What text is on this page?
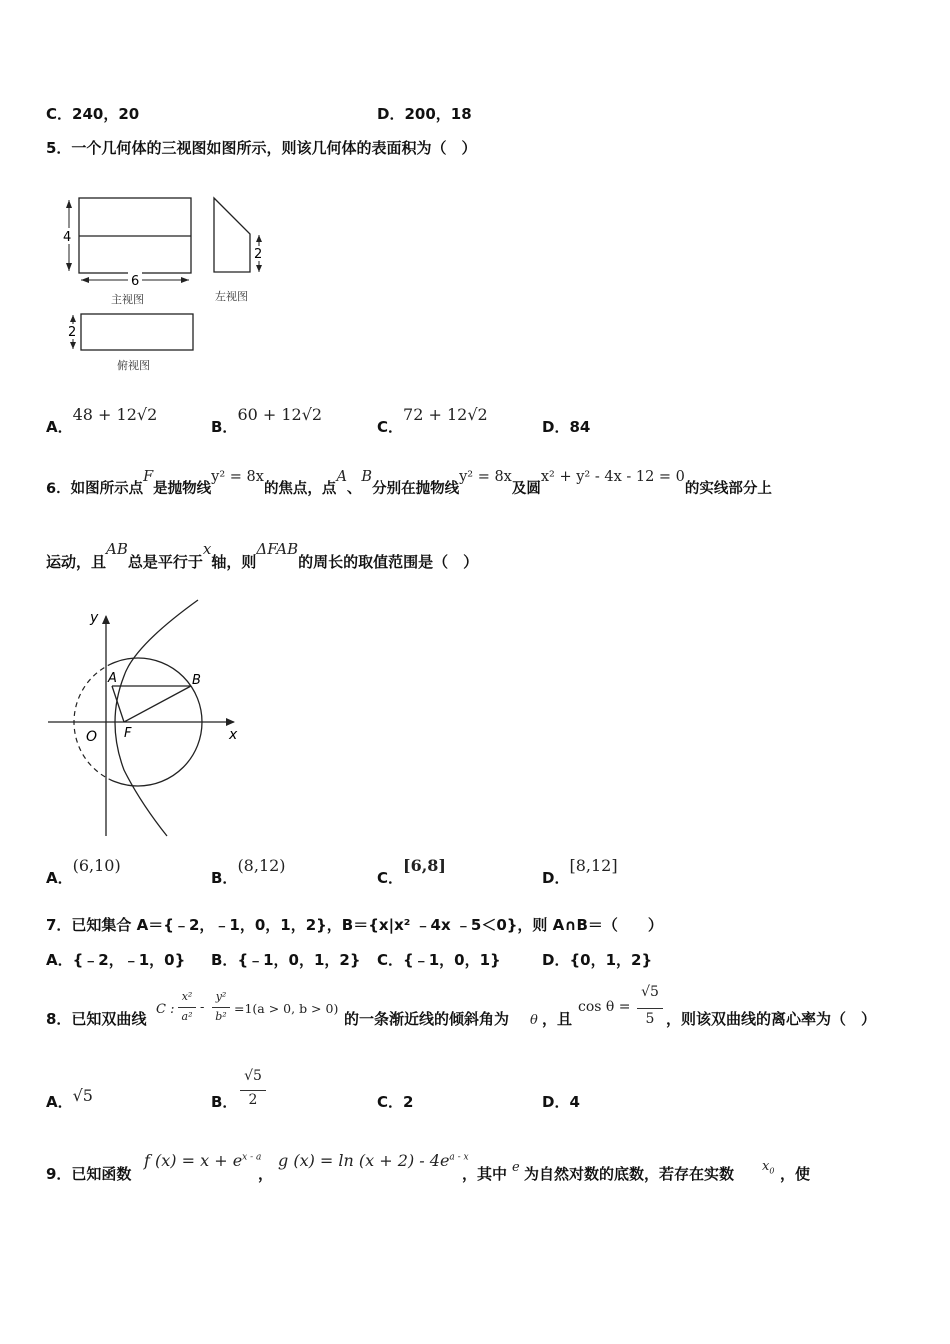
C．240，20	D．200，18
5．一个几何体的三视图如图所示，则该几何体的表面积为（　）
4
6
主视图
2
左视图
2
俯视图
A．48 + 12√2
B．60 + 12√2
C．72 + 12√2
D．84
6．如图所示点F是抛物线y² = 8x的焦点，点A、B分别在抛物线y² = 8x及圆x² + y² - 4x - 12 = 0的实线部分上
运动，且AB总是平行于x轴，则ΔFAB的周长的取值范围是（　）
y
x
O F
A	B
A．(6,10)
B．(8,12)
C．[6,8]
D．[8,12]
7．已知集合 A＝{﹣2，﹣1，0，1，2}，B＝{x|x² ﹣4x ﹣5＜0}，则 A∩B＝（　　）
A．{﹣2，﹣1，0} B．{﹣1，0，1，2} C．{﹣1，0，1}	D．{0，1，2}
8．已知双曲线
C :
x²
a²
-
y²
b²
=1(a > 0, b > 0)
的一条渐近线的倾斜角为 θ ，且
cos θ =
√5
5 ，则该双曲线的离心率为（　）
A．√5	B．
√5
2	C．2	D．4
9．已知函数
f $(x) = x + e^{x - a}$
，
g $(x) = \ln (x + 2) - 4e^{a - x}$
，其中 e 为自然对数的底数，若存在实数 $x_0$ ，使
